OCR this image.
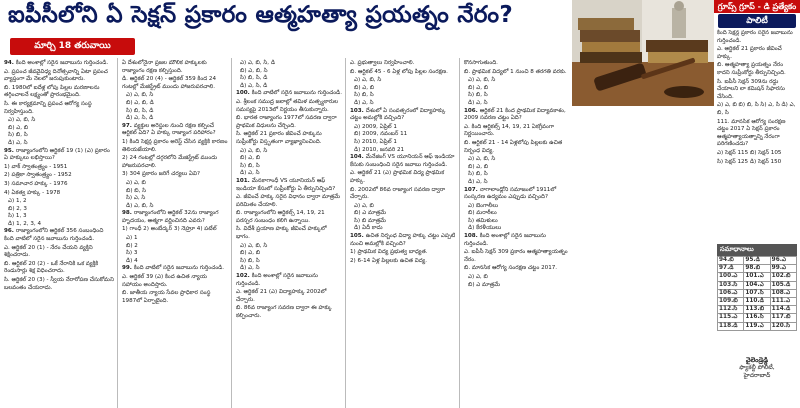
ఐపీసీలోని ఏ సెక్షన్ ప్రకారం ఆత్మహత్యా ప్రయత్నం నేరం?
మార్చి 18 తరువాయి
94. కింది అంశాల్లో సరైన జవాబును గుర్తించండి.
ఎ. ప్రపంచ జీవవైవిధ్య దినోత్సవాన్ని ఏటా ప్రపంచ వ్యాప్తంగా మే నెలలో జరుపుకుంటారు.
బి. 1980లో ఐదేళ్ల లోపు పిల్లల మరణాలను తగ్గించాలనే లక్ష్యంతో ప్రారంభమైంది.
సి. ఈ కార్యక్రమాన్ని ప్రపంచ ఆరోగ్య సంస్థ నిర్వహిస్తుంది.
ఎ) ఎ, బి, సి
బి) ఎ, బి
సి) బి, సి
డి) ఎ, సి
95. రాజ్యాంగంలోని ఆర్టికల్ 19 (1) (ఎ) ప్రకారం ఏ హక్కులు లభిస్తాయి?
1) వాక్ స్వాతంత్ర్యం - 1951
2) పత్రికా స్వాతంత్ర్యం - 1952
3) సమాచార హక్కు - 1976
4) ఏకత్వ హక్కు - 1978
ఎ) 1, 2
బి) 2, 3
సి) 1, 3
డి) 1, 2, 3, 4
96. రాజ్యాంగంలోని ఆర్టికల్ 356 సంబంధించి కింది వాటిలో సరైన జవాబును గుర్తించండి.
ఎ. ఆర్టికల్ 20 (1) - నేరం చేయని వ్యక్తిని శిక్షించరాదు.
బి. ఆర్టికల్ 20 (2) - ఒకే నేరానికి ఒక వ్యక్తికి రెండుసార్లు శిక్ష విధించరాదు.
సి. ఆర్టికల్ 20 (3) - స్వీయ నేరారోపణ చేసుకోమని బలవంతం చేయరాదు.
ఏ దేశంలోనైనా ప్రజల మౌలిక హక్కులకు రాజ్యాంగం రక్షణ కల్పిస్తుంది.
డి. ఆర్టికల్ 20 (4) - ఆర్టికల్ 359 కింద 24 గంటల్లో మేజిస్ట్రేట్ ముందు హాజరుపరచాలి.
ఎ) ఎ, బి, సి
బి) ఎ, బి, డి
సి) బి, సి, డి
డి) ఎ, సి, డి
97. వ్యక్తుల అరెస్టుల నుంచి రక్షణ కల్పించే ఆర్టికల్ ఏది? ఏ హక్కు రాజ్యాంగ పరిహారం?
1) కింది సెక్షన్ల ప్రకారం అరెస్ట్ చేసిన వ్యక్తికి కారణం తెలియజేయాలి.
2) 24 గంటల్లో దగ్గరలోని మేజిస్ట్రేట్ ముందు హాజరుపరచాలి.
3) 304 ప్రకారం జరిగే చర్యలు ఏవి?
ఎ) ఎ, బి
బి) బి, సి
సి) ఎ, సి
డి) ఎ, బి, సి
98. రాజ్యాంగంలోని ఆర్టికల్ 32ను రాజ్యాంగ హృదయం, ఆత్మగా వర్ణించినది ఎవరు?
1) గాంధీ 2) అంబేద్కర్ 3) నెహ్రూ 4) పటేల్
ఎ) 1
బి) 2
సి) 3
డి) 4
99. కింది వాటిలో సరైన జవాబును గుర్తించండి.
ఎ. ఆర్టికల్ 39 (ఎ) కింద ఉచిత న్యాయ సహాయం అందిస్తారు.
బి. జాతీయ న్యాయ సేవల ప్రాధికార సంస్థ 1987లో ఏర్పాటైంది.
ఎ) ఎ, బి, సి, డి
బి) ఎ, బి, సి
సి) బి, సి, డి
డి) ఎ, సి, డి
100. కింది వాటిలో సరైన జవాబును గుర్తించండి.
ఎ. శ్రీలంక సముద్ర జలాల్లో తమిళ మత్స్యకారుల సమస్యపై 2013లో నిర్ణయం తీసుకున్నారు.
బి. భారత రాజ్యాంగం 1977లో సవరణ ద్వారా ప్రాథమిక విధులను చేర్చింది.
సి. ఆర్టికల్ 21 ప్రకారం జీవించే హక్కును సుప్రీంకోర్టు విస్తృతంగా వ్యాఖ్యానించింది.
ఎ) ఎ, బి, సి
బి) ఎ, బి
సి) బి, సి
డి) ఎ, సి
101. మేనకాగాంధీ VS యూనియన్ ఆఫ్ ఇండియా కేసులో సుప్రీంకోర్టు ఏ తీర్పునిచ్చింది?
ఎ. జీవించే హక్కు సరైన విధానం ద్వారా మాత్రమే పరిమితం చేయాలి.
బి. రాజ్యాంగంలోని ఆర్టికల్స్ 14, 19, 21 పరస్పర సంబంధం కలిగి ఉన్నాయి.
సి. విదేశీ ప్రయాణ హక్కు జీవించే హక్కులో భాగం.
ఎ) ఎ, బి, సి
బి) ఎ, బి
సి) బి, సి
డి) ఎ, సి
102. కింది అంశాల్లో సరైన జవాబును గుర్తించండి.
ఎ. ఆర్టికల్ 21 (ఎ) విద్యాహక్కు 2002లో చేర్చారు.
బి. 86వ రాజ్యాంగ సవరణ ద్వారా ఈ హక్కు కల్పించారు.
ఎ. ప్రభుత్వాలు నిర్వహించాలి.
బి. ఆర్టికల్ 45 - 6 ఏళ్ల లోపు పిల్లల సంరక్షణ.
ఎ) ఎ, బి, సి
బి) ఎ, బి
సి) బి, సి
డి) ఎ, సి
103. దేశంలో ఏ సంవత్సరంలో విద్యాహక్కు చట్టం అమల్లోకి వచ్చింది?
ఎ) 2009, ఏప్రిల్ 1
బి) 2009, నవంబర్ 11
సి) 2010, ఏప్రిల్ 1
డి) 2010, జనవరి 21
104. మేనేజింగ్ VS యూనియన్ ఆఫ్ ఇండియా కేసుకు సంబంధించి సరైన జవాబు గుర్తించండి.
ఎ. ఆర్టికల్ 21 (ఎ) ప్రాథమిక విద్య ప్రాథమిక హక్కు.
బి. 2002లో 86వ రాజ్యాంగ సవరణ ద్వారా చేర్చారు.
ఎ) ఎ, బి
బి) ఎ మాత్రమే
సి) బి మాత్రమే
డి) ఏదీ కాదు
105. ఉచిత నిర్బంధ విద్యా హక్కు చట్టం ఎప్పటి నుంచి అమల్లోకి వచ్చింది?
1) ప్రాథమిక విద్య ప్రభుత్వ బాధ్యత.
2) 6-14 ఏళ్ల పిల్లలకు ఉచిత విద్య.
కొనసాగుతుంది.
బి. ప్రాథమిక విద్యలో 1 నుంచి 8 తరగతి వరకు.
ఎ) ఎ, బి, సి
బి) ఎ, బి
సి) బి, సి
డి) ఎ, సి
106. ఆర్టికల్ 21 కింద ప్రాథమిక విద్యావకాశం, 2009 సవరణ చట్టం ఏది?
ఎ. కింది ఆర్టికల్స్ 14, 19, 21 ఏకగ్రీవంగా నిర్ణయించారు.
బి. ఆర్టికల్ 21 - 14 ఏళ్లలోపు పిల్లలకు ఉచిత నిర్బంధ విద్య.
ఎ) ఎ, బి, సి
బి) ఎ, బి
సి) బి, సి
డి) ఎ, సి
107. నాగాలాండ్లోని సమాజంలో 1911లో సంస్కరణ ఉద్యమం ఎప్పుడు వచ్చింది?
ఎ) బెంగాలీలు
బి) మరాఠీలు
సి) తమిళులు
డి) కేరళీయులు
108. కింది అంశాల్లో సరైన జవాబును గుర్తించండి.
ఎ. ఐపీసీ సెక్షన్ 309 ప్రకారం ఆత్మహత్యాయత్నం నేరం.
బి. మానసిక ఆరోగ్య సంరక్షణ చట్టం 2017.
ఎ) ఎ, బి
బి) ఎ మాత్రమే
గ్రూప్స్ గ్రూప్ - డి ప్రత్యేకం
పాలిటీ

కింది సెక్షన్ల ప్రకారం సరైన జవాబును గుర్తించండి.

ఎ. ఆర్టికల్ 21 ప్రకారం జీవించే హక్కు.

బి. ఆత్మహత్యా ప్రయత్నం నేరం కాదని సుప్రీంకోర్టు తీర్పునిచ్చింది.

సి. ఐపీసీ సెక్షన్ 309ను రద్దు చేయాలని లా కమిషన్ సిఫారసు చేసింది.

ఎ) ఎ, బి బి) బి, సి సి) ఎ, సి డి) ఎ, బి, సి

111. మానసిక ఆరోగ్య సంరక్షణ చట్టం 2017 ఏ సెక్షన్ ప్రకారం ఆత్మహత్యాయత్నాన్ని నేరంగా పరిగణించదు?

ఎ) సెక్షన్ 115 బి) సెక్షన్ 105

సి) సెక్షన్ 125 డి) సెక్షన్ 150

సమాధానాలు
94.బి	95.డి	96.ఎ
97.డి	98.బి	99.ఎ
100.ఎ	101.ఎ	102.బి
103.సి	104.ఎ	105.డి
106.ఎ	107.సి	108.ఎ
109.బి	110.డి	111.ఎ
112.సి	113.బి	114.డి
115.ఎ	116.సి	117.బి
118.డి	119.ఎ	120.సి
వైలెండ్రెడ్డి
ఫ్యాకల్టీ పోలిటీ,
హైదరాబాద్
